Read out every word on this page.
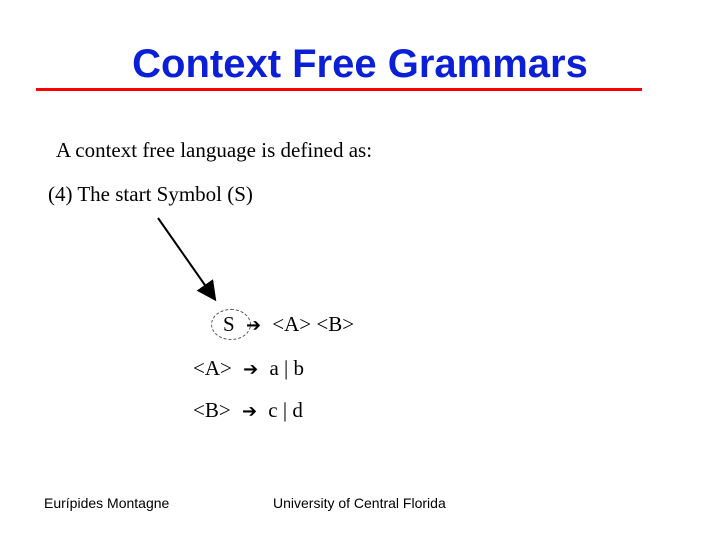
Context Free Grammars
A context free language is defined as:
(4) The start Symbol (S)
S ➔ <A> <B>
<A> ➔ a | b
<B> ➔ c | d
Eurípides Montagne	University of Central Florida
